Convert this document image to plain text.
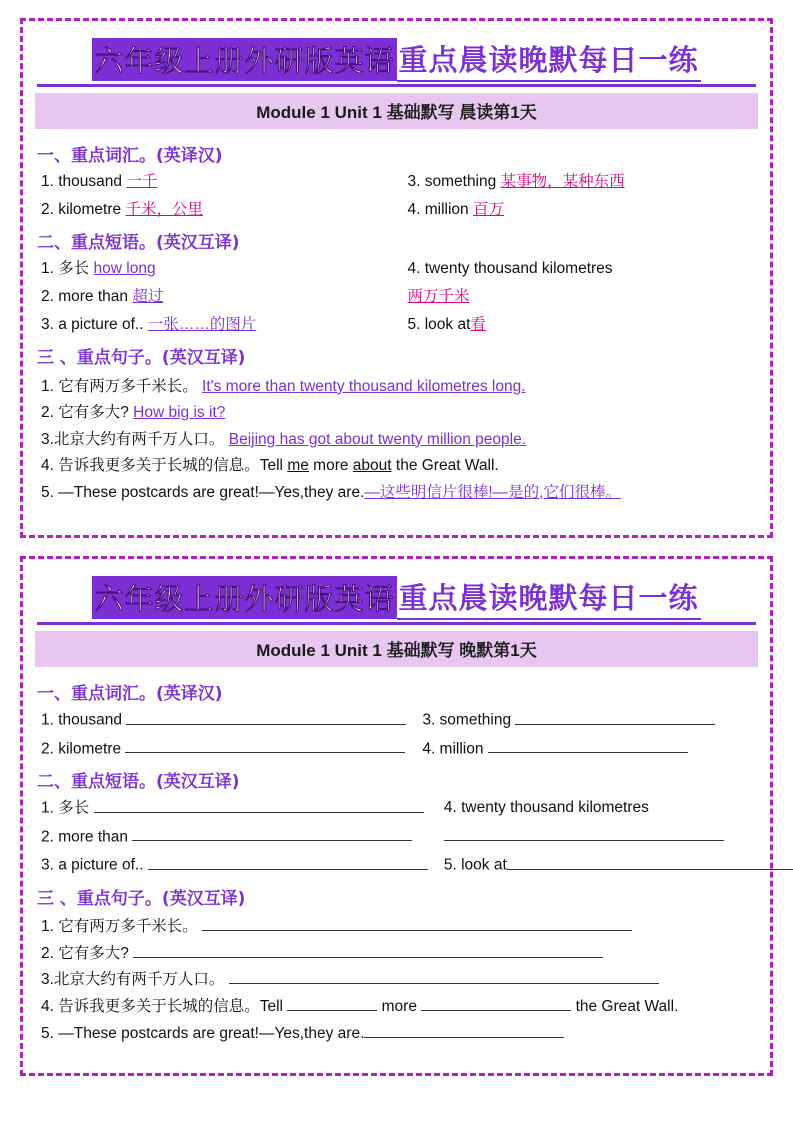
六年级上册外研版英语 重点晨读晚默每日一练
Module 1 Unit 1 基础默写 晨读第1天
一、重点词汇。(英译汉)
1. thousand 一千	3. something 某事物，某种东西
2. kilometre 千米，公里	4. million 百万
二、重点短语。(英汉互译)
1. 多长 how long	4. twenty thousand kilometres
2. more than 超过	两万千米
3. a picture of.. 一张……的图片	5. look at看
三 、重点句子。(英汉互译)
1. 它有两万多千米长。 It's more than twenty thousand kilometres long.
2. 它有多大? How big is it?
3.北京大约有两千万人口。 Beijing has got about twenty million people.
4. 告诉我更多关于长城的信息。Tell me more about the Great Wall.
5. —These postcards are great!—Yes,they are.—这些明信片很棒!—是的,它们很棒。
六年级上册外研版英语 重点晨读晚默每日一练
Module 1 Unit 1 基础默写 晚默第1天
一、重点词汇。(英译汉)
1. thousand	3. something
2. kilometre	4. million
二、重点短语。(英汉互译)
1. 多长	4. twenty thousand kilometres
2. more than
3. a picture of..	5. look at
三 、重点句子。(英汉互译)
1. 它有两万多千米长。
2. 它有多大?
3.北京大约有两千万人口。
4. 告诉我更多关于长城的信息。Tell	more	the Great Wall.
5. —These postcards are great!—Yes,they are.
